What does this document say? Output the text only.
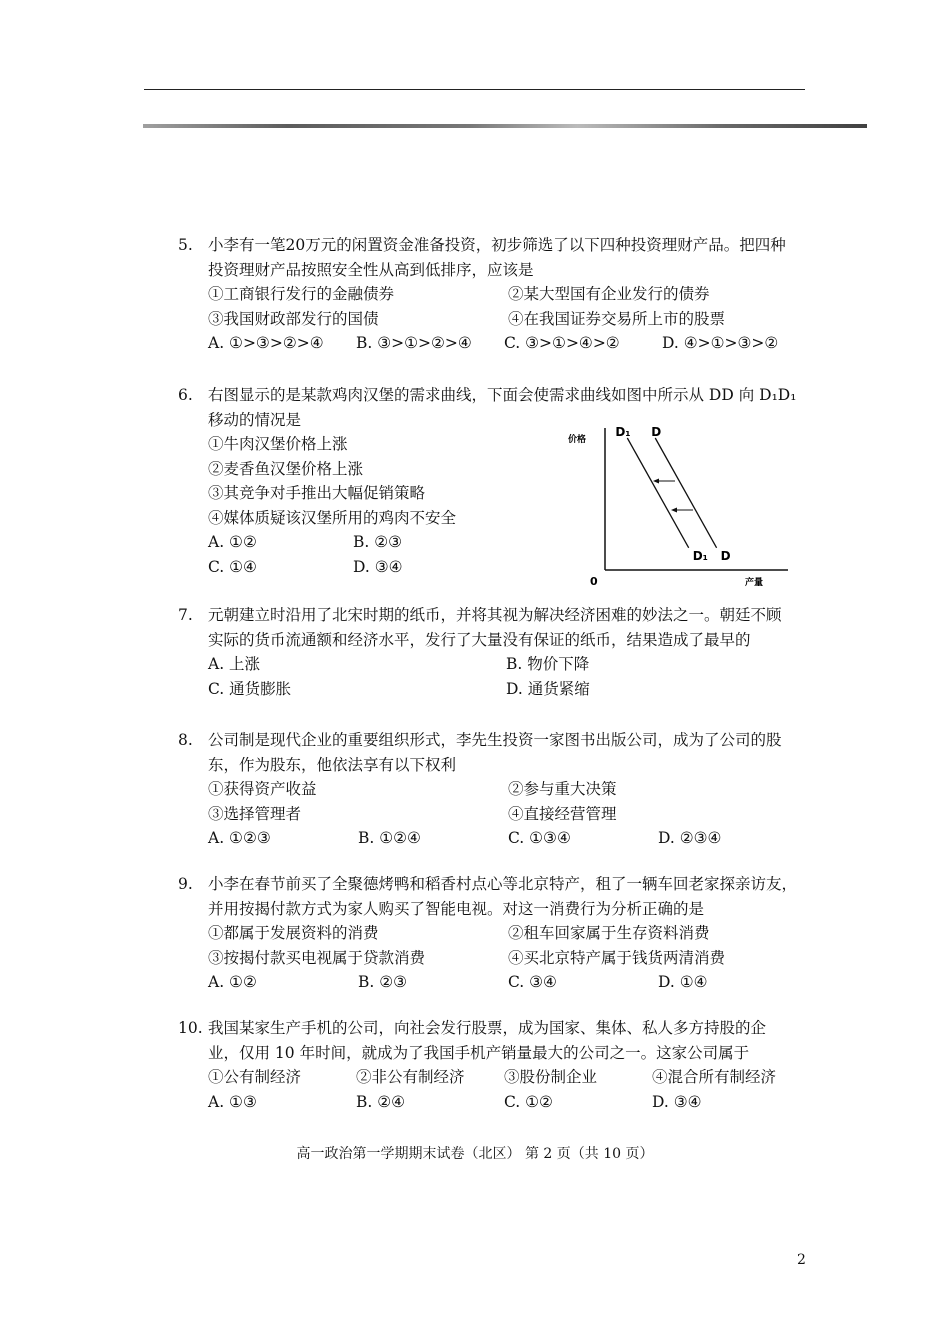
5. 小李有一笔20万元的闲置资金准备投资，初步筛选了以下四种投资理财产品。把四种
投资理财产品按照安全性从高到低排序，应该是
①工商银行发行的金融债券	②某大型国有企业发行的债券
③我国财政部发行的国债	④在我国证券交易所上市的股票
A. ①>③>②>④	B. ③>①>②>④	C. ③>①>④>②	D. ④>①>③>②
6. 右图显示的是某款鸡肉汉堡的需求曲线，下面会使需求曲线如图中所示从 DD 向 D₁D₁
移动的情况是
①牛肉汉堡价格上涨
②麦香鱼汉堡价格上涨
③其竞争对手推出大幅促销策略
④媒体质疑该汉堡所用的鸡肉不安全
A. ①②	B. ②③
C. ①④	D. ③④
价格
产量
0
D
D
D₁
D₁
7. 元朝建立时沿用了北宋时期的纸币，并将其视为解决经济困难的妙法之一。朝廷不顾
实际的货币流通额和经济水平，发行了大量没有保证的纸币，结果造成了最早的
A. 上涨	B. 物价下降
C. 通货膨胀	D. 通货紧缩
8. 公司制是现代企业的重要组织形式，李先生投资一家图书出版公司，成为了公司的股
东，作为股东，他依法享有以下权利
①获得资产收益	②参与重大决策
③选择管理者	④直接经营管理
A. ①②③	B. ①②④	C. ①③④	D. ②③④
9. 小李在春节前买了全聚德烤鸭和稻香村点心等北京特产，租了一辆车回老家探亲访友，
并用按揭付款方式为家人购买了智能电视。对这一消费行为分析正确的是
①都属于发展资料的消费	②租车回家属于生存资料消费
③按揭付款买电视属于贷款消费	④买北京特产属于钱货两清消费
A. ①②	B. ②③	C. ③④	D. ①④
10. 我国某家生产手机的公司，向社会发行股票，成为国家、集体、私人多方持股的企
业，仅用 10 年时间，就成为了我国手机产销量最大的公司之一。这家公司属于
①公有制经济	②非公有制经济	③股份制企业	④混合所有制经济
A. ①③	B. ②④	C. ①②	D. ③④
高一政治第一学期期末试卷（北区） 第 2 页（共 10 页）
2
